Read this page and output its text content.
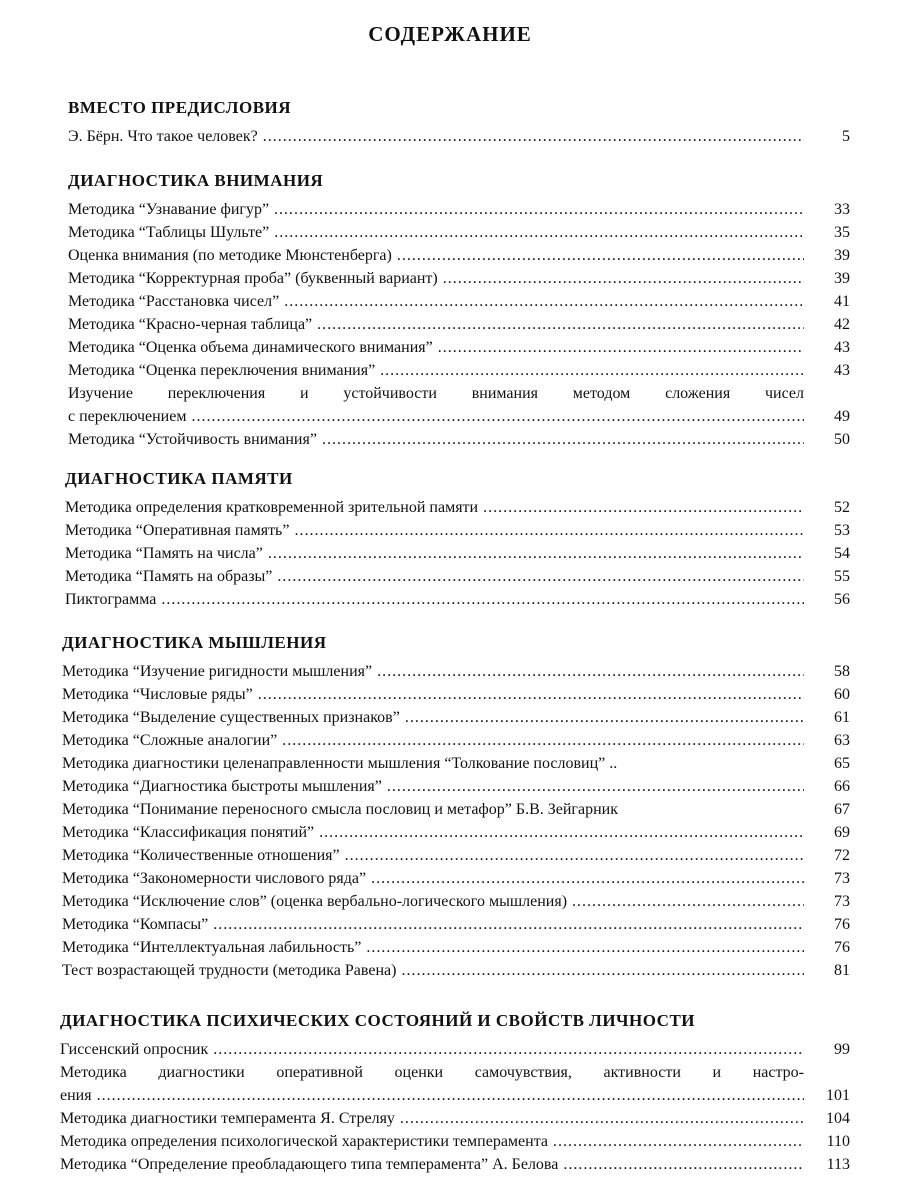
СОДЕРЖАНИЕ
ВМЕСТО ПРЕДИСЛОВИЯ
Э. Бёрн. Что такое человек? .....	5
ДИАГНОСТИКА ВНИМАНИЯ
Методика “Узнавание фигур” .....	33
Методика “Таблицы Шульте” .....	35
Оценка внимания (по методике Мюнстенберга) .....	39
Методика “Корректурная проба” (буквенный вариант) .....	39
Методика “Расстановка чисел” .....	41
Методика “Красно-черная таблица” .....	42
Методика “Оценка объема динамического внимания” .....	43
Методика “Оценка переключения внимания” .....	43
Изучение переключения и устойчивости внимания методом сложения чисел
с переключением .....	49
Методика “Устойчивость внимания” .....	50
ДИАГНОСТИКА ПАМЯТИ
Методика определения кратковременной зрительной памяти .....	52
Методика “Оперативная память” .....	53
Методика “Память на числа” .....	54
Методика “Память на образы” .....	55
Пиктограмма .....	56
ДИАГНОСТИКА МЫШЛЕНИЯ
Методика “Изучение ригидности мышления” .....	58
Методика “Числовые ряды” .....	60
Методика “Выделение существенных признаков” .....	61
Методика “Сложные аналогии” .....	63
Методика диагностики целенаправленности мышления “Толкование пословиц” ..	65
Методика “Диагностика быстроты мышления” .....	66
Методика “Понимание переносного смысла пословиц и метафор” Б.В. Зейгарник	67
Методика “Классификация понятий” .....	69
Методика “Количественные отношения” .....	72
Методика “Закономерности числового ряда” .....	73
Методика “Исключение слов” (оценка вербально-логического мышления) .....	73
Методика “Компасы” .....	76
Методика “Интеллектуальная лабильность” .....	76
Тест возрастающей трудности (методика Равена) .....	81
ДИАГНОСТИКА ПСИХИЧЕСКИХ СОСТОЯНИЙ И СВОЙСТВ ЛИЧНОСТИ
Гиссенский опросник .....	99
Методика диагностики оперативной оценки самочувствия, активности и настро-
ения .....	101
Методика диагностики темперамента Я. Стреляу .....	104
Методика определения психологической характеристики темперамента .....	110
Методика “Определение преобладающего типа темперамента” А. Белова .....	113
